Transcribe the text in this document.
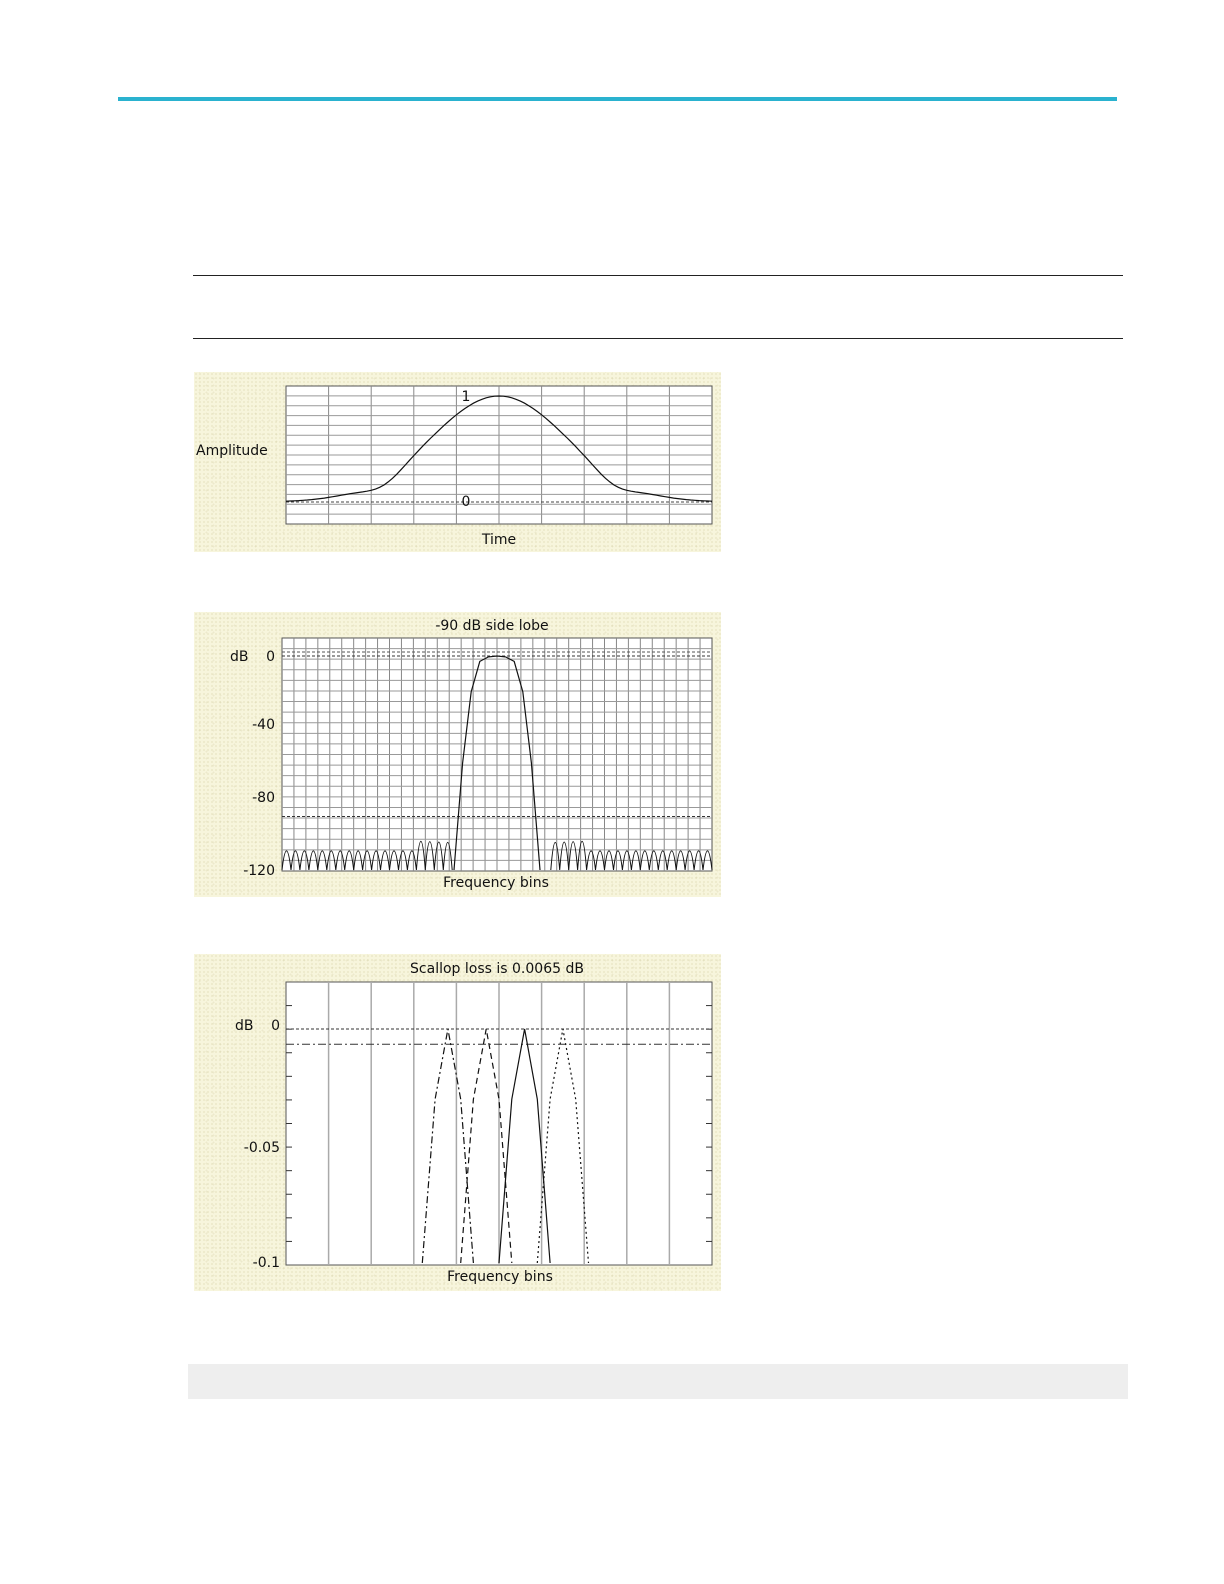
1
0
Amplitude
Time
-90 dB side lobe
dB 0
-40
-80
-120
Frequency bins
Scallop loss is 0.0065 dB
dB 0
-0.05
-0.1
Frequency bins
